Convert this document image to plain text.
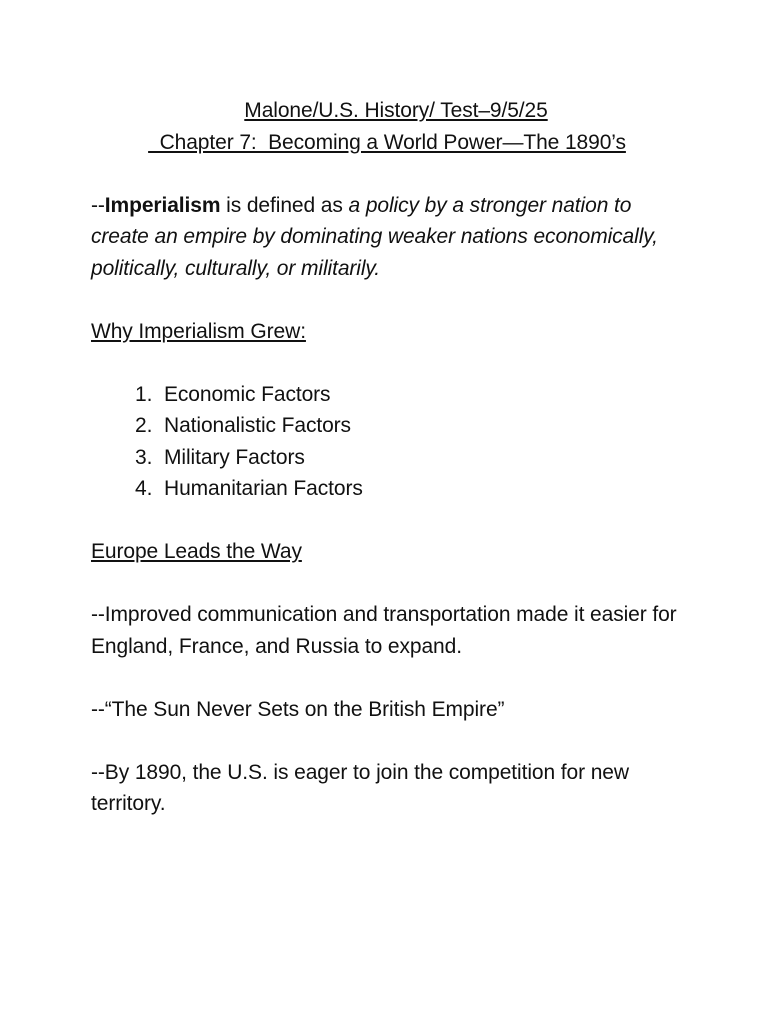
Malone/U.S. History/ Test–9/5/25
Chapter 7:  Becoming a World Power—The 1890’s

--Imperialism is defined as a policy by a stronger nation to create an empire by dominating weaker nations economically, politically, culturally, or militarily.

Why Imperialism Grew:

1. Economic Factors
2. Nationalistic Factors
3. Military Factors
4. Humanitarian Factors

Europe Leads the Way

--Improved communication and transportation made it easier for England, France, and Russia to expand.

--“The Sun Never Sets on the British Empire”

--By 1890, the U.S. is eager to join the competition for new territory.
